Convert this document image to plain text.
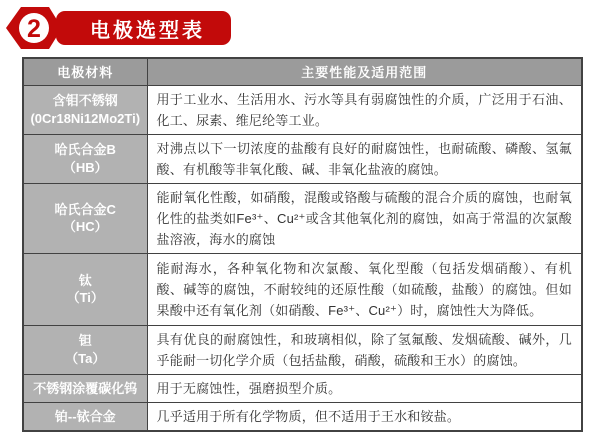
2 电极选型表
电极材料	主要性能及适用范围

含钼不锈钢
(0Cr18Ni12Mo2Ti)	用于工业水、生活用水、污水等具有弱腐蚀性的介质，广泛用于石油、化工、尿素、维尼纶等工业。

哈氏合金B
（HB）	对沸点以下一切浓度的盐酸有良好的耐腐蚀性，也耐硫酸、磷酸、氢氟酸、有机酸等非氧化酸、碱、非氧化盐液的腐蚀。

哈氏合金C
（HC）	能耐氧化性酸，如硝酸，混酸或铬酸与硫酸的混合介质的腐蚀，也耐氧化性的盐类如Fe³⁺、Cu²⁺或含其他氧化剂的腐蚀，如高于常温的次氯酸盐溶液，海水的腐蚀

钛
（Ti）	能耐海水，各种氧化物和次氯酸、氧化型酸（包括发烟硝酸）、有机酸、碱等的腐蚀，不耐较纯的还原性酸（如硫酸，盐酸）的腐蚀。但如果酸中还有氧化剂（如硝酸、Fe³⁺、Cu²⁺）时，腐蚀性大为降低。

钽
（Ta）	具有优良的耐腐蚀性，和玻璃相似，除了氢氟酸、发烟硫酸、碱外，几乎能耐一切化学介质（包括盐酸，硝酸，硫酸和王水）的腐蚀。

不锈钢涂覆碳化钨	用于无腐蚀性，强磨损型介质。

铂--铱合金	几乎适用于所有化学物质，但不适用于王水和铵盐。
